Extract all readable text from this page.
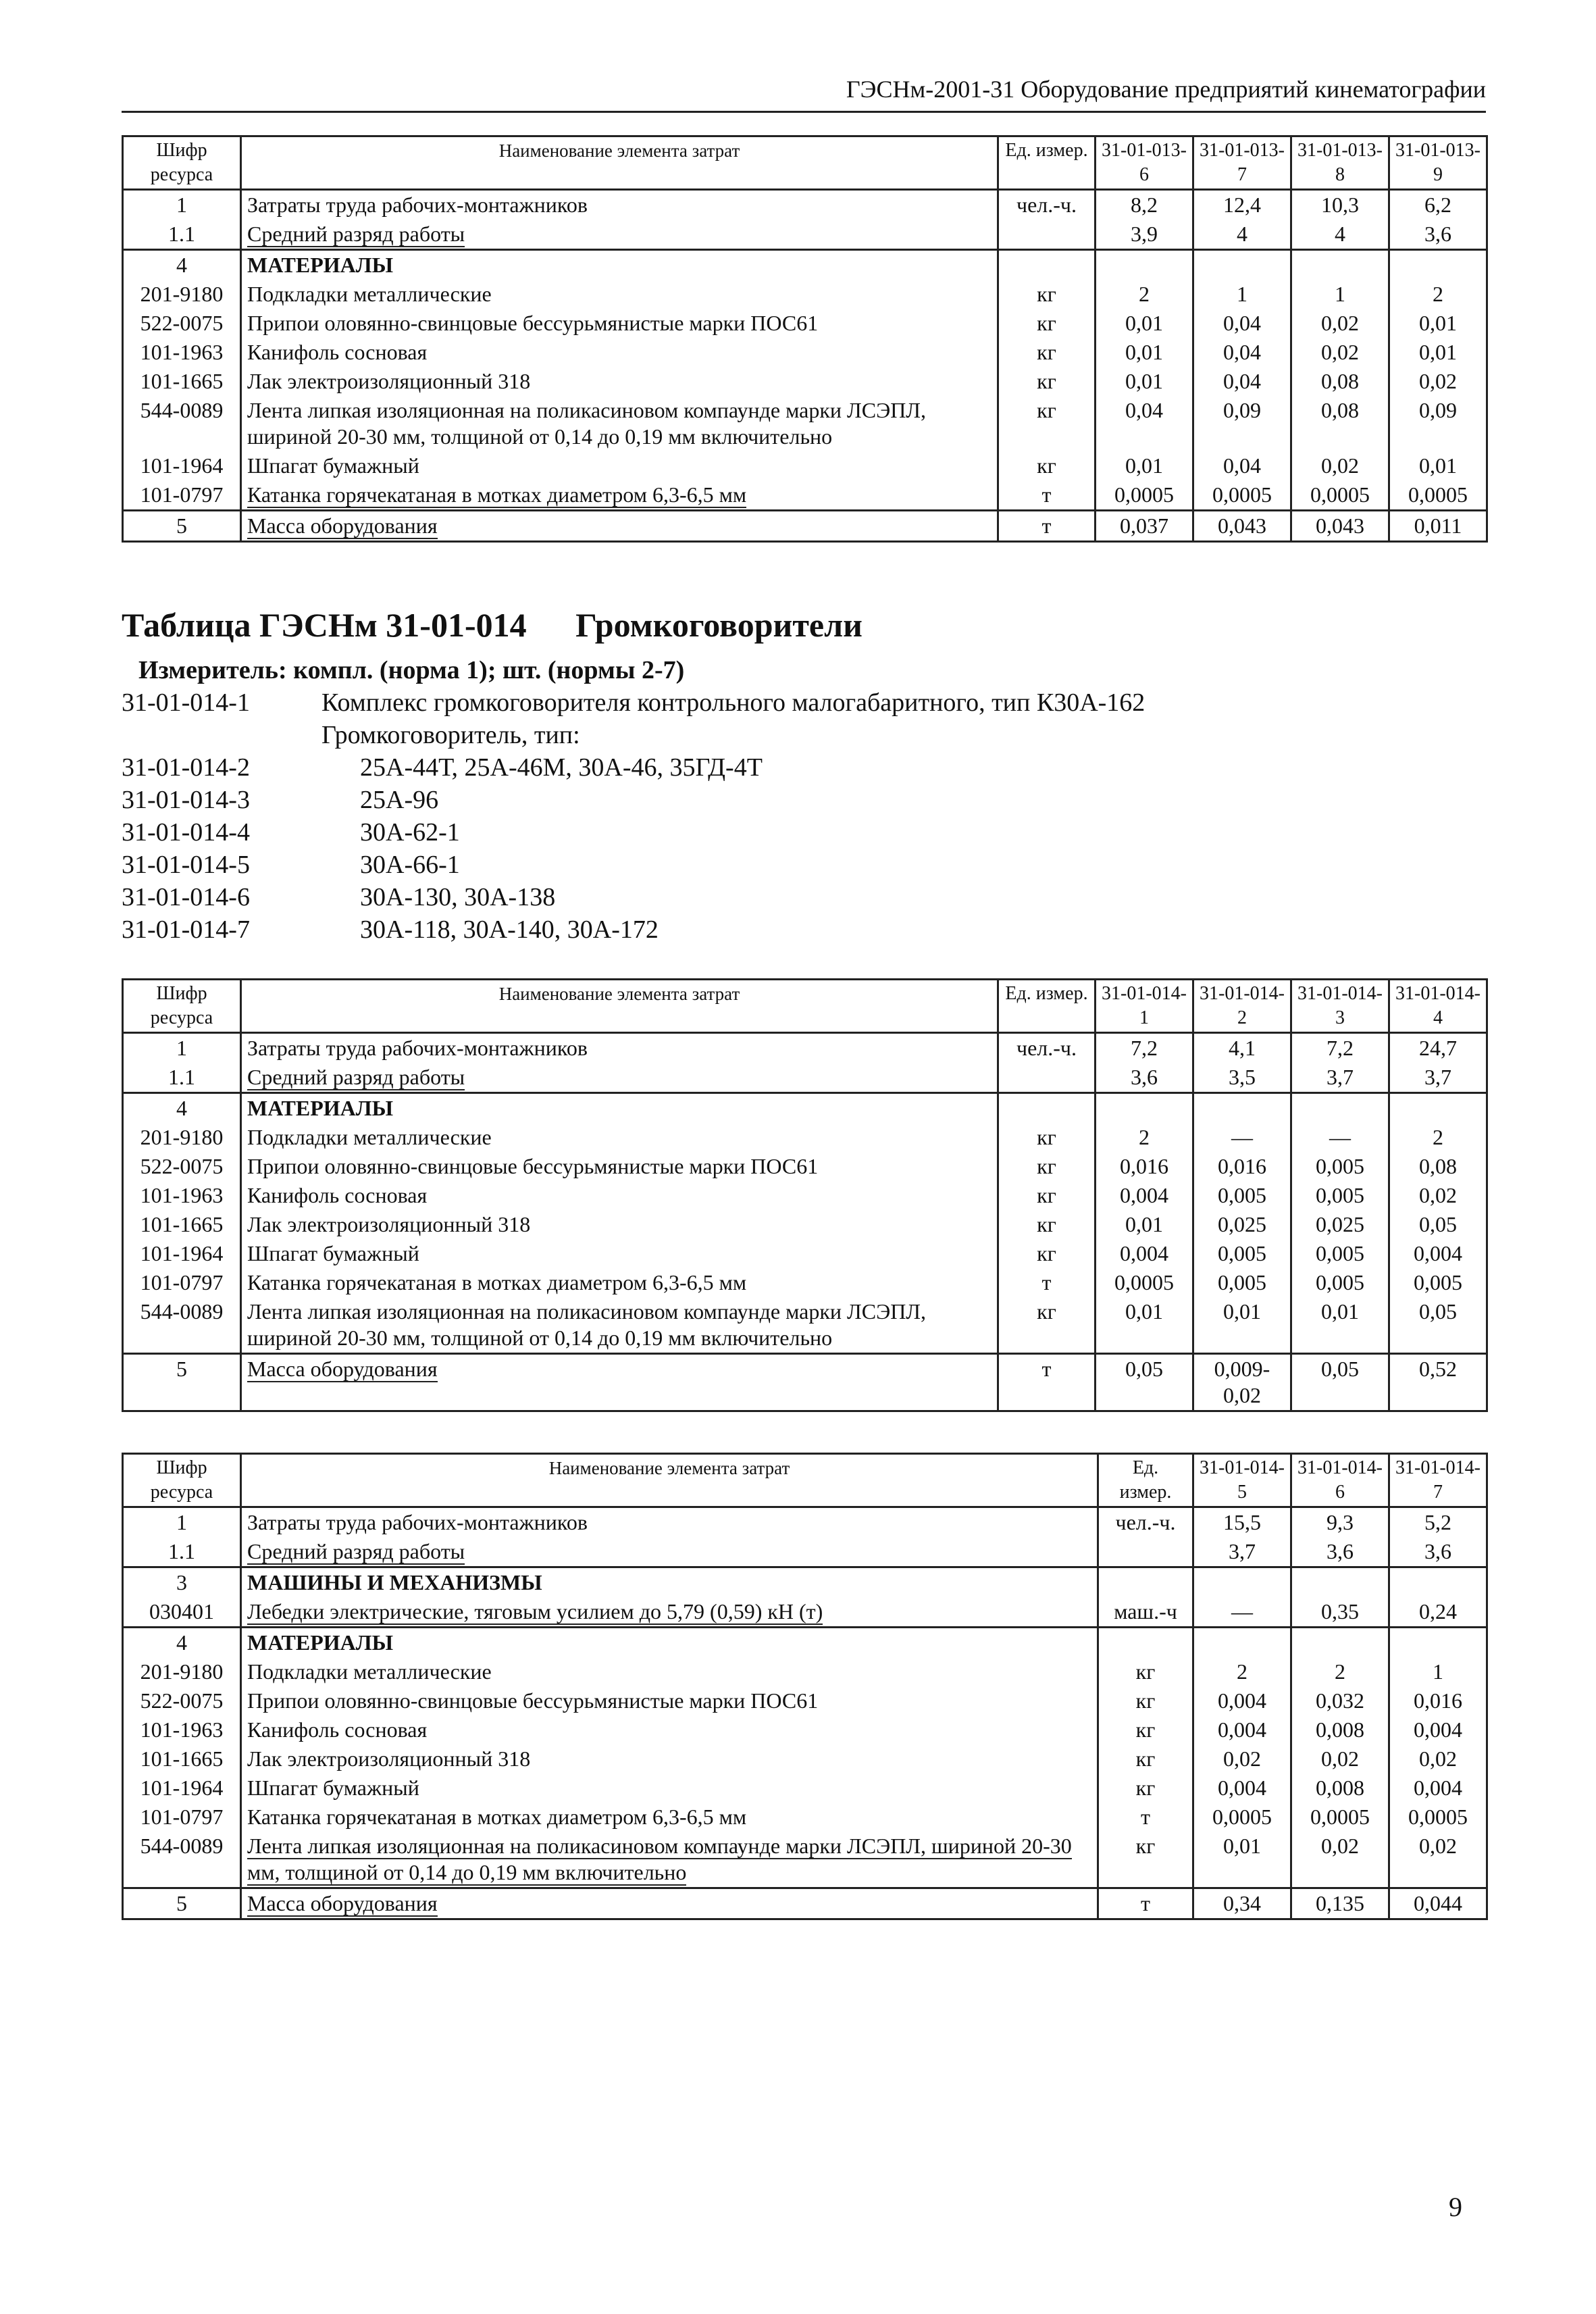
ГЭСНм-2001-31 Оборудование предприятий кинематографии
Шифр ресурса	Наименование элемента затрат	Ед. измер.	31-01-013-6	31-01-013-7	31-01-013-8	31-01-013-9
1	Затраты труда рабочих-монтажников	чел.-ч.	8,2	12,4	10,3	6,2
1.1	Средний разряд работы		3,9	4	4	3,6
4	МАТЕРИАЛЫ					
201-9180	Подкладки металлические	кг	2	1	1	2
522-0075	Припои оловянно-свинцовые бессурьмянистые марки ПОС61	кг	0,01	0,04	0,02	0,01
101-1963	Канифоль сосновая	кг	0,01	0,04	0,02	0,01
101-1665	Лак электроизоляционный 318	кг	0,01	0,04	0,08	0,02
544-0089	Лента липкая изоляционная на поликасиновом компаунде марки ЛСЭПЛ, шириной 20-30 мм, толщиной от 0,14 до 0,19 мм включительно	кг	0,04	0,09	0,08	0,09
101-1964	Шпагат бумажный	кг	0,01	0,04	0,02	0,01
101-0797	Катанка горячекатаная в мотках диаметром 6,3-6,5 мм	т	0,0005	0,0005	0,0005	0,0005
5	Масса оборудования	т	0,037	0,043	0,043	0,011
Таблица ГЭСНм 31-01-014 Громкоговорители
Измеритель: компл. (норма 1); шт. (нормы 2-7)
31-01-014-1	Комплекс громкоговорителя контрольного малогабаритного, тип К30А-162
Громкоговоритель, тип:
31-01-014-2	25А-44Т, 25А-46М, 30А-46, 35ГД-4Т
31-01-014-3	25А-96
31-01-014-4	30А-62-1
31-01-014-5	30А-66-1
31-01-014-6	30А-130, 30А-138
31-01-014-7	30А-118, 30А-140, 30А-172
Шифр ресурса	Наименование элемента затрат	Ед. измер.	31-01-014-1	31-01-014-2	31-01-014-3	31-01-014-4
1	Затраты труда рабочих-монтажников	чел.-ч.	7,2	4,1	7,2	24,7
1.1	Средний разряд работы		3,6	3,5	3,7	3,7
4	МАТЕРИАЛЫ					
201-9180	Подкладки металлические	кг	2	—	—	2
522-0075	Припои оловянно-свинцовые бессурьмянистые марки ПОС61	кг	0,016	0,016	0,005	0,08
101-1963	Канифоль сосновая	кг	0,004	0,005	0,005	0,02
101-1665	Лак электроизоляционный 318	кг	0,01	0,025	0,025	0,05
101-1964	Шпагат бумажный	кг	0,004	0,005	0,005	0,004
101-0797	Катанка горячекатаная в мотках диаметром 6,3-6,5 мм	т	0,0005	0,005	0,005	0,005
544-0089	Лента липкая изоляционная на поликасиновом компаунде марки ЛСЭПЛ, шириной 20-30 мм, толщиной от 0,14 до 0,19 мм включительно	кг	0,01	0,01	0,01	0,05
5	Масса оборудования	т	0,05	0,009-0,02	0,05	0,52
Шифр ресурса	Наименование элемента затрат	Ед. измер.	31-01-014-5	31-01-014-6	31-01-014-7
1	Затраты труда рабочих-монтажников	чел.-ч.	15,5	9,3	5,2
1.1	Средний разряд работы		3,7	3,6	3,6
3	МАШИНЫ И МЕХАНИЗМЫ				
030401	Лебедки электрические, тяговым усилием до 5,79 (0,59) кН (т)	маш.-ч	—	0,35	0,24
4	МАТЕРИАЛЫ				
201-9180	Подкладки металлические	кг	2	2	1
522-0075	Припои оловянно-свинцовые бессурьмянистые марки ПОС61	кг	0,004	0,032	0,016
101-1963	Канифоль сосновая	кг	0,004	0,008	0,004
101-1665	Лак электроизоляционный 318	кг	0,02	0,02	0,02
101-1964	Шпагат бумажный	кг	0,004	0,008	0,004
101-0797	Катанка горячекатаная в мотках диаметром 6,3-6,5 мм	т	0,0005	0,0005	0,0005
544-0089	Лента липкая изоляционная на поликасиновом компаунде марки ЛСЭПЛ, шириной 20-30 мм, толщиной от 0,14 до 0,19 мм включительно	кг	0,01	0,02	0,02
5	Масса оборудования	т	0,34	0,135	0,044
9
